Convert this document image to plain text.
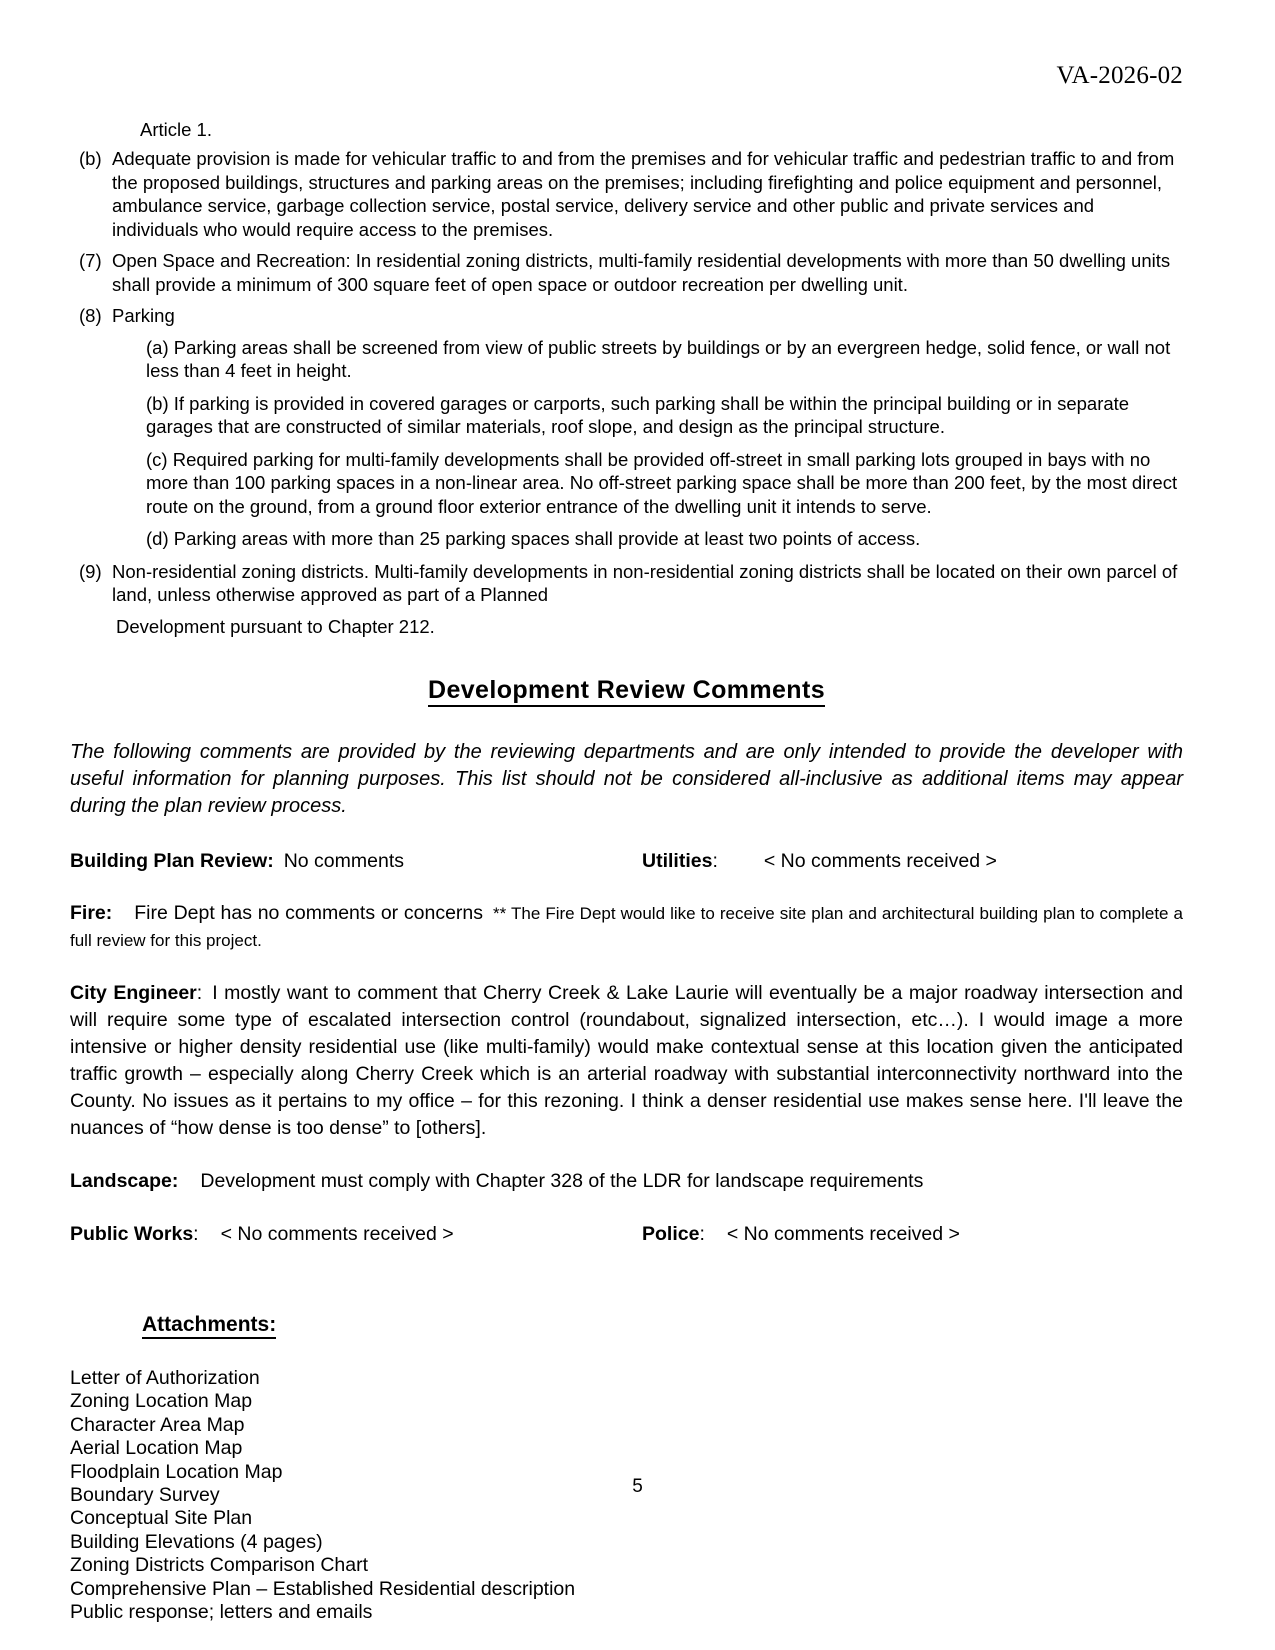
VA-2026-02
Article 1.
(b) Adequate provision is made for vehicular traffic to and from the premises and for vehicular traffic and pedestrian traffic to and from the proposed buildings, structures and parking areas on the premises; including firefighting and police equipment and personnel, ambulance service, garbage collection service, postal service, delivery service and other public and private services and individuals who would require access to the premises.
(7) Open Space and Recreation: In residential zoning districts, multi-family residential developments with more than 50 dwelling units shall provide a minimum of 300 square feet of open space or outdoor recreation per dwelling unit.
(8) Parking
(a) Parking areas shall be screened from view of public streets by buildings or by an evergreen hedge, solid fence, or wall not less than 4 feet in height.
(b) If parking is provided in covered garages or carports, such parking shall be within the principal building or in separate garages that are constructed of similar materials, roof slope, and design as the principal structure.
(c) Required parking for multi-family developments shall be provided off-street in small parking lots grouped in bays with no more than 100 parking spaces in a non-linear area. No off-street parking space shall be more than 200 feet, by the most direct route on the ground, from a ground floor exterior entrance of the dwelling unit it intends to serve.
(d) Parking areas with more than 25 parking spaces shall provide at least two points of access.
(9) Non-residential zoning districts. Multi-family developments in non-residential zoning districts shall be located on their own parcel of land, unless otherwise approved as part of a Planned
Development pursuant to Chapter 212.
Development Review Comments

The following comments are provided by the reviewing departments and are only intended to provide the developer with useful information for planning purposes. This list should not be considered all-inclusive as additional items may appear during the plan review process.

Building Plan Review: No comments	Utilities: < No comments received >

Fire: Fire Dept has no comments or concerns ** The Fire Dept would like to receive site plan and architectural building plan to complete a full review for this project.

City Engineer: I mostly want to comment that Cherry Creek & Lake Laurie will eventually be a major roadway intersection and will require some type of escalated intersection control (roundabout, signalized intersection, etc…). I would image a more intensive or higher density residential use (like multi-family) would make contextual sense at this location given the anticipated traffic growth – especially along Cherry Creek which is an arterial roadway with substantial interconnectivity northward into the County. No issues as it pertains to my office – for this rezoning. I think a denser residential use makes sense here. I'll leave the nuances of “how dense is too dense” to [others].

Landscape: Development must comply with Chapter 328 of the LDR for landscape requirements

Public Works: < No comments received >	Police: < No comments received >
Attachments:
Letter of Authorization
Zoning Location Map
Character Area Map
Aerial Location Map
Floodplain Location Map
Boundary Survey
Conceptual Site Plan
Building Elevations (4 pages)
Zoning Districts Comparison Chart
Comprehensive Plan – Established Residential description
Public response; letters and emails
5
